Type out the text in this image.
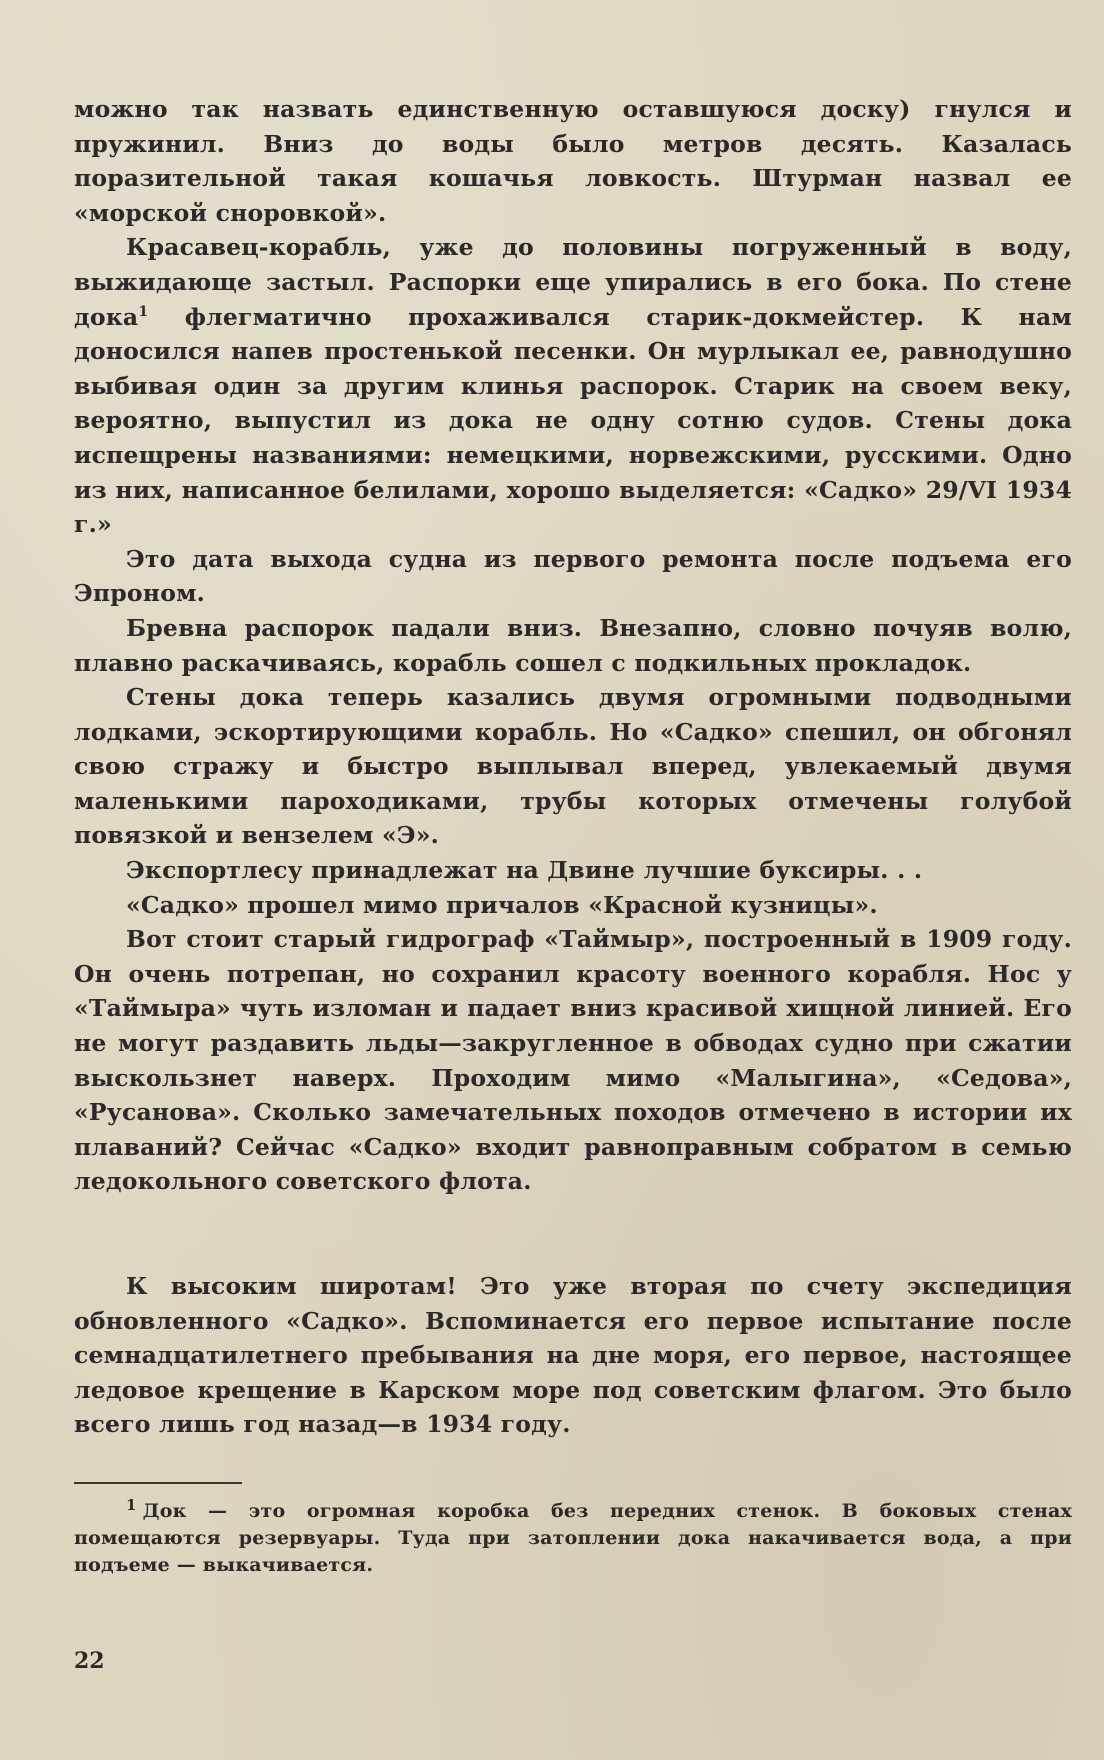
можно так назвать единственную оставшуюся доску) гнулся и пружинил. Вниз до воды было метров десять. Казалась поразительной такая кошачья ловкость. Штурман назвал ее «морской сноровкой».

Красавец-корабль, уже до половины погруженный в воду, выжидающе застыл. Распорки еще упирались в его бока. По стене дока$^1$ флегматично прохаживался старик-докмейстер. К нам доносился напев простенькой песенки. Он мурлыкал ее, равнодушно выбивая один за другим клинья распорок. Старик на своем веку, вероятно, выпустил из дока не одну сотню судов. Стены дока испещрены названиями: немецкими, норвежскими, русскими. Одно из них, написанное белилами, хорошо выделяется: «Садко» 29/VI 1934 г.»

Это дата выхода судна из первого ремонта после подъема его Эпроном.

Бревна распорок падали вниз. Внезапно, словно почуяв волю, плавно раскачиваясь, корабль сошел с подкильных прокладок.

Стены дока теперь казались двумя огромными подводными лодками, эскортирующими корабль. Но «Садко» спешил, он обгонял свою стражу и быстро выплывал вперед, увлекаемый двумя маленькими пароходиками, трубы которых отмечены голубой повязкой и вензелем «Э».

Экспортлесу принадлежат на Двине лучшие буксиры. . .

«Садко» прошел мимо причалов «Красной кузницы».

Вот стоит старый гидрограф «Таймыр», построенный в 1909 году. Он очень потрепан, но сохранил красоту военного корабля. Нос у «Таймыра» чуть изломан и падает вниз красивой хищной линией. Его не могут раздавить льды—закругленное в обводах судно при сжатии выскользнет наверх. Проходим мимо «Малыгина», «Седова», «Русанова». Сколько замечательных походов отмечено в истории их плаваний? Сейчас «Садко» входит равноправным собратом в семью ледокольного советского флота.

К высоким широтам! Это уже вторая по счету экспедиция обновленного «Садко». Вспоминается его первое испытание после семнадцатилетнего пребывания на дне моря, его первое, настоящее ледовое крещение в Карском море под советским флагом. Это было всего лишь год назад—в 1934 году.

$^1$ Док — это огромная коробка без передних стенок. В боковых стенах помещаются резервуары. Туда при затоплении дока накачивается вода, а при подъеме — выкачивается.

22
